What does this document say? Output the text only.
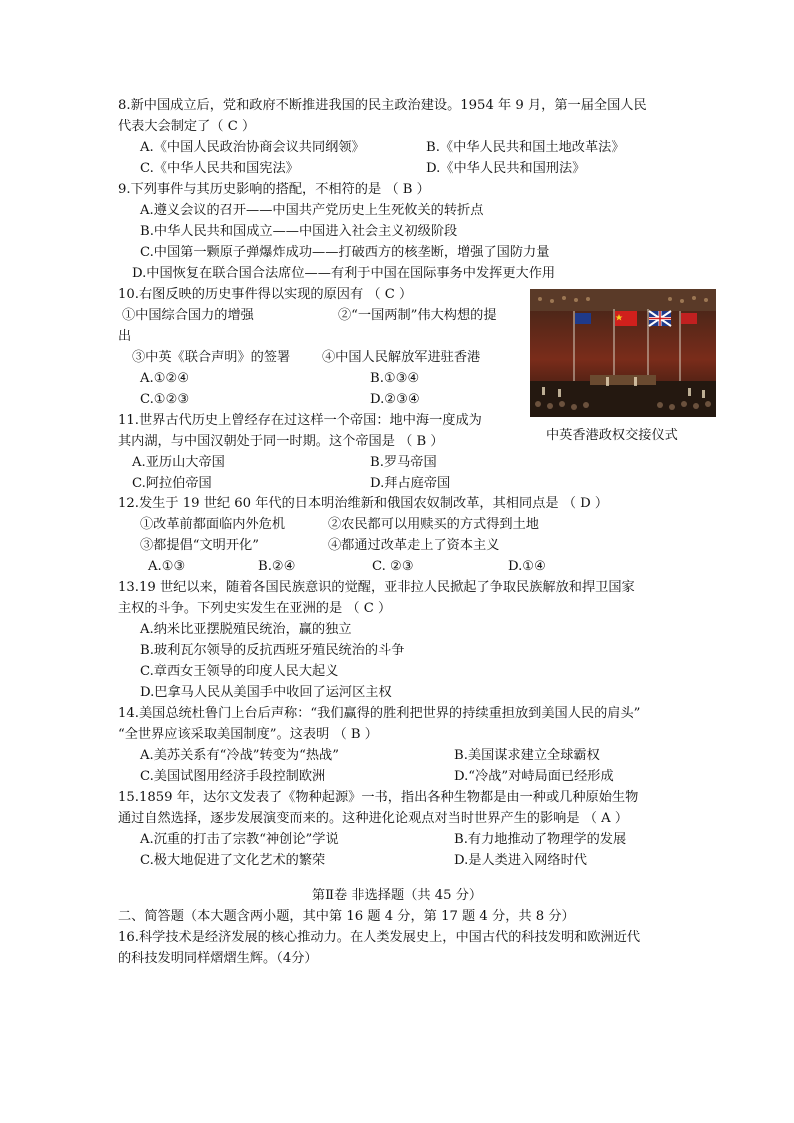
8.新中国成立后，党和政府不断推进我国的民主政治建设。1954 年 9 月，第一届全国人民
代表大会制定了（ C ）
A.《中国人民政治协商会议共同纲领》	B.《中华人民共和国土地改革法》
C.《中华人民共和国宪法》	D.《中华人民共和国刑法》
9.下列事件与其历史影响的搭配，不相符的是 （ B ）
A.遵义会议的召开——中国共产党历史上生死攸关的转折点
B.中华人民共和国成立——中国进入社会主义初级阶段
C.中国第一颗原子弹爆炸成功——打破西方的核垄断，增强了国防力量
D.中国恢复在联合国合法席位——有利于中国在国际事务中发挥更大作用
10.右图反映的历史事件得以实现的原因有 （ C ）
①中国综合国力的增强	②“一国两制”伟大构想的提
出
③中英《联合声明》的签署 ④中国人民解放军进驻香港
A.①②④	B.①③④
C.①②③	D.②③④
中英香港政权交接仪式
11.世界古代历史上曾经存在过这样一个帝国：地中海一度成为
其内湖，与中国汉朝处于同一时期。这个帝国是 （ B ）
A.亚历山大帝国	B.罗马帝国
C.阿拉伯帝国	D.拜占庭帝国
12.发生于 19 世纪 60 年代的日本明治维新和俄国农奴制改革，其相同点是 （ D ）
①改革前都面临内外危机	②农民都可以用赎买的方式得到土地
③都提倡“文明开化”	④都通过改革走上了资本主义
A.①③	B.②④	C. ②③	D.①④
13.19 世纪以来，随着各国民族意识的觉醒，亚非拉人民掀起了争取民族解放和捍卫国家
主权的斗争。下列史实发生在亚洲的是 （ C ）
A.纳米比亚摆脱殖民统治，赢的独立
B.玻利瓦尔领导的反抗西班牙殖民统治的斗争
C.章西女王领导的印度人民大起义
D.巴拿马人民从美国手中收回了运河区主权
14.美国总统杜鲁门上台后声称：“我们赢得的胜利把世界的持续重担放到美国人民的肩头”
“全世界应该采取美国制度”。这表明 （ B ）
A.美苏关系有“冷战”转变为“热战”	B.美国谋求建立全球霸权
C.美国试图用经济手段控制欧洲	D.“冷战”对峙局面已经形成
15.1859 年，达尔文发表了《物种起源》一书，指出各种生物都是由一种或几种原始生物
通过自然选择，逐步发展演变而来的。这种进化论观点对当时世界产生的影响是 （ A ）
A.沉重的打击了宗教“神创论”学说	B.有力地推动了物理学的发展
C.极大地促进了文化艺术的繁荣	D.是人类进入网络时代
第Ⅱ卷 非选择题（共 45 分）
二、简答题（本大题含两小题，其中第 16 题 4 分，第 17 题 4 分，共 8 分）
16.科学技术是经济发展的核心推动力。在人类发展史上，中国古代的科技发明和欧洲近代
的科技发明同样熠熠生辉。（4分）
